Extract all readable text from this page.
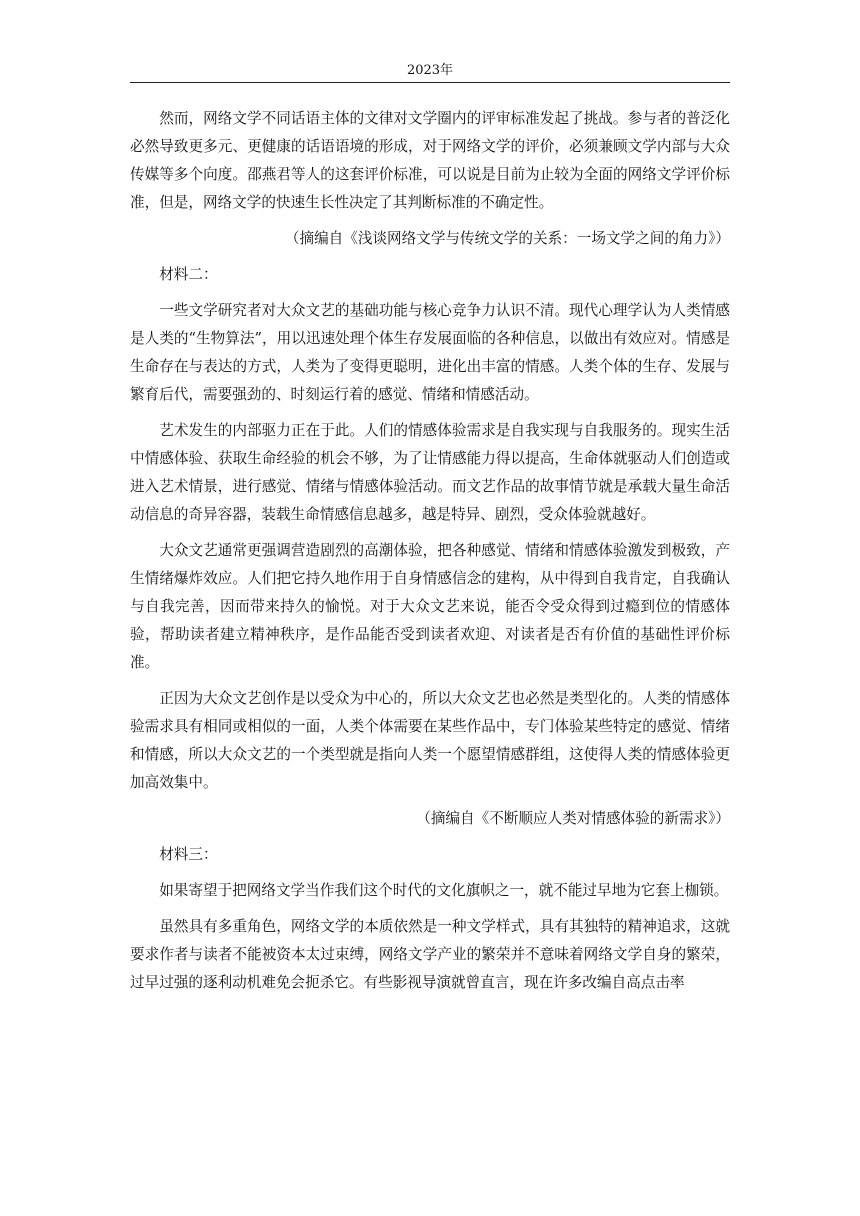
2023年

然而，网络文学不同话语主体的文律对文学圈内的评审标准发起了挑战。参与者的普泛化必然导致更多元、更健康的话语语境的形成，对于网络文学的评价，必须兼顾文学内部与大众传媒等多个向度。邵燕君等人的这套评价标准，可以说是目前为止较为全面的网络文学评价标准，但是，网络文学的快速生长性决定了其判断标准的不确定性。

（摘编自《浅谈网络文学与传统文学的关系：一场文学之间的角力》）

材料二：

一些文学研究者对大众文艺的基础功能与核心竞争力认识不清。现代心理学认为人类情感是人类的“生物算法”，用以迅速处理个体生存发展面临的各种信息，以做出有效应对。情感是生命存在与表达的方式，人类为了变得更聪明，进化出丰富的情感。人类个体的生存、发展与繁育后代，需要强劲的、时刻运行着的感觉、情绪和情感活动。

艺术发生的内部驱力正在于此。人们的情感体验需求是自我实现与自我服务的。现实生活中情感体验、获取生命经验的机会不够，为了让情感能力得以提高，生命体就驱动人们创造或进入艺术情景，进行感觉、情绪与情感体验活动。而文艺作品的故事情节就是承载大量生命活动信息的奇异容器，装载生命情感信息越多，越是特异、剧烈，受众体验就越好。

大众文艺通常更强调营造剧烈的高潮体验，把各种感觉、情绪和情感体验激发到极致，产生情绪爆炸效应。人们把它持久地作用于自身情感信念的建构，从中得到自我肯定，自我确认与自我完善，因而带来持久的愉悦。对于大众文艺来说，能否令受众得到过瘾到位的情感体验，帮助读者建立精神秩序，是作品能否受到读者欢迎、对读者是否有价值的基础性评价标准。

正因为大众文艺创作是以受众为中心的，所以大众文艺也必然是类型化的。人类的情感体验需求具有相同或相似的一面，人类个体需要在某些作品中，专门体验某些特定的感觉、情绪和情感，所以大众文艺的一个类型就是指向人类一个愿望情感群组，这使得人类的情感体验更加高效集中。

（摘编自《不断顺应人类对情感体验的新需求》）

材料三：

如果寄望于把网络文学当作我们这个时代的文化旗帜之一，就不能过早地为它套上枷锁。

虽然具有多重角色，网络文学的本质依然是一种文学样式，具有其独特的精神追求，这就要求作者与读者不能被资本太过束缚，网络文学产业的繁荣并不意味着网络文学自身的繁荣，过早过强的逐利动机难免会扼杀它。有些影视导演就曾直言，现在许多改编自高点击率
